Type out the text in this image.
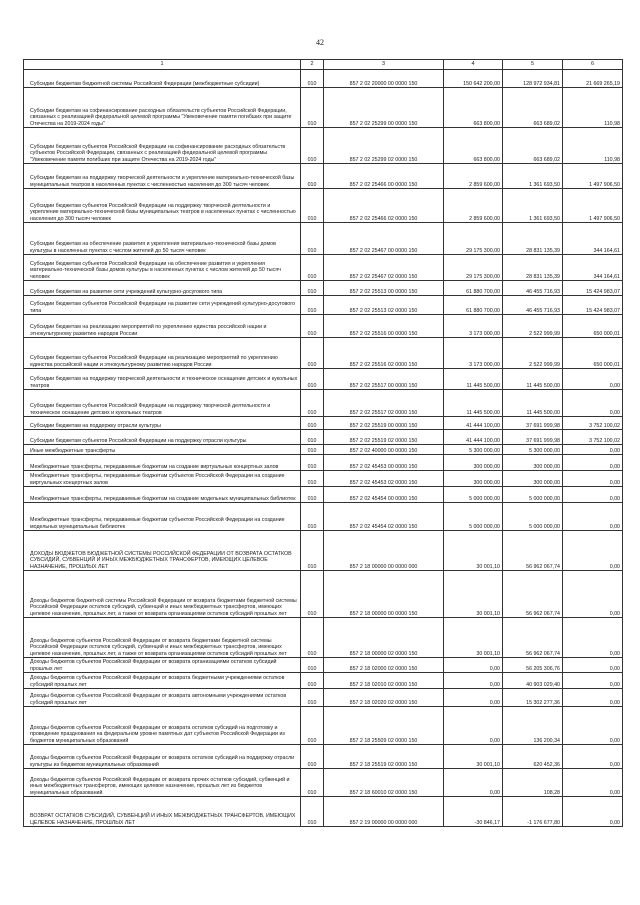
42
1	2	3	4	5	6
Субсидии бюджетам бюджетной системы Российской Федерации (межбюджетные субсидии)	010	857 2 02 20000 00 0000 150	150 642 200,00	128 972 934,81	21 669 265,19
Субсидии бюджетам на софинансирование расходных обязательств субъектов Российской Федерации, связанных с реализацией федеральной целевой программы "Увековечение памяти погибших при защите Отечества на 2019-2024 годы"	010	857 2 02 25299 00 0000 150	663 800,00	663 689,02	110,98
Субсидии бюджетам субъектов Российской Федерации на софинансирование расходных обязательств субъектов Российской Федерации, связанных с реализацией федеральной целевой программы "Увековечение памяти погибших при защите Отечества на 2019-2024 годы"	010	857 2 02 25299 02 0000 150	663 800,00	663 689,02	110,98
Субсидии бюджетам на поддержку творческой деятельности и укрепление материально-технической базы муниципальных театров в населенных пунктах с численностью населения до 300 тысяч человек	010	857 2 02 25466 00 0000 150	2 859 600,00	1 361 693,50	1 497 906,50
Субсидии бюджетам субъектов Российской Федерации на поддержку творческой деятельности и укрепление материально-технической базы муниципальных театров в населенных пунктах с численностью населения до 300 тысяч человек	010	857 2 02 25466 02 0000 150	2 859 600,00	1 361 693,50	1 497 906,50
Субсидии бюджетам на обеспечение развития и укрепления материально-технической базы домов культуры в населенных пунктах с числом жителей до 50 тысяч человек	010	857 2 02 25467 00 0000 150	29 175 300,00	28 831 135,39	344 164,61
Субсидии бюджетам субъектов Российской Федерации на обеспечение развития и укрепления материально-технической базы домов культуры в населенных пунктах с числом жителей до 50 тысяч человек	010	857 2 02 25467 02 0000 150	29 175 300,00	28 831 135,39	344 164,61
Субсидии бюджетам на развитие сети учреждений культурно-досугового типа	010	857 2 02 25513 00 0000 150	61 880 700,00	46 455 716,93	15 424 983,07
Субсидии бюджетам субъектов Российской Федерации на развитие сети учреждений культурно-досугового типа	010	857 2 02 25513 02 0000 150	61 880 700,00	46 455 716,93	15 424 983,07
Субсидии бюджетам на реализацию мероприятий по укреплению единства российской нации и этнокультурному развитию народов России	010	857 2 02 25516 00 0000 150	3 173 000,00	2 522 999,99	650 000,01
Субсидии бюджетам субъектов Российской Федерации на реализацию мероприятий по укреплению единства российской нации и этнокультурному развитию народов России	010	857 2 02 25516 02 0000 150	3 173 000,00	2 522 999,99	650 000,01
Субсидии бюджетам на поддержку творческой деятельности и техническое оснащение детских и кукольных театров	010	857 2 02 25517 00 0000 150	11 445 500,00	11 445 500,00	0,00
Субсидии бюджетам субъектов Российской Федерации на поддержку творческой деятельности и техническое оснащение детских и кукольных театров	010	857 2 02 25517 02 0000 150	11 445 500,00	11 445 500,00	0,00
Субсидии бюджетам на поддержку отрасли культуры	010	857 2 02 25519 00 0000 150	41 444 100,00	37 691 999,98	3 752 100,02
Субсидии бюджетам субъектов Российской Федерации на поддержку отрасли культуры	010	857 2 02 25519 02 0000 150	41 444 100,00	37 691 999,98	3 752 100,02
Иные межбюджетные трансферты	010	857 2 02 40000 00 0000 150	5 300 000,00	5 300 000,00	0,00
Межбюджетные трансферты, передаваемые бюджетам на создание виртуальных концертных залов	010	857 2 02 45453 00 0000 150	300 000,00	300 000,00	0,00
Межбюджетные трансферты, передаваемые бюджетам субъектов Российской Федерации на создание виртуальных концертных залов	010	857 2 02 45453 02 0000 150	300 000,00	300 000,00	0,00
Межбюджетные трансферты, передаваемые бюджетам на создание модельных муниципальных библиотек	010	857 2 02 45454 00 0000 150	5 000 000,00	5 000 000,00	0,00
Межбюджетные трансферты, передаваемые бюджетам субъектов Российской Федерации на создание модельных муниципальных библиотек	010	857 2 02 45454 02 0000 150	5 000 000,00	5 000 000,00	0,00
ДОХОДЫ БЮДЖЕТОВ БЮДЖЕТНОЙ СИСТЕМЫ РОССИЙСКОЙ ФЕДЕРАЦИИ ОТ ВОЗВРАТА ОСТАТКОВ СУБСИДИЙ, СУБВЕНЦИЙ И ИНЫХ МЕЖБЮДЖЕТНЫХ ТРАНСФЕРТОВ, ИМЕЮЩИХ ЦЕЛЕВОЕ НАЗНАЧЕНИЕ, ПРОШЛЫХ ЛЕТ	010	857 2 18 00000 00 0000 000	30 001,10	56 962 067,74	0,00
Доходы бюджетов бюджетной системы Российской Федерации от возврата бюджетами бюджетной системы Российской Федерации остатков субсидий, субвенций и иных межбюджетных трансфертов, имеющих целевое назначение, прошлых лет, а также от возврата организациями остатков субсидий прошлых лет	010	857 2 18 00000 00 0000 150	30 001,10	56 962 067,74	0,00
Доходы бюджетов субъектов Российской Федерации от возврата бюджетами бюджетной системы Российской Федерации остатков субсидий, субвенций и иных межбюджетных трансфертов, имеющих целевое назначение, прошлых лет, а также от возврата организациями остатков субсидий прошлых лет	010	857 2 18 00000 02 0000 150	30 001,10	56 962 067,74	0,00
Доходы бюджетов субъектов Российской Федерации от возврата организациями остатков субсидий прошлых лет	010	857 2 18 02000 02 0000 150	0,00	56 205 306,76	0,00
Доходы бюджетов субъектов Российской Федерации от возврата бюджетными учреждениями остатков субсидий прошлых лет	010	857 2 18 02010 02 0000 150	0,00	40 903 029,40	0,00
Доходы бюджетов субъектов Российской Федерации от возврата автономными учреждениями остатков субсидий прошлых лет	010	857 2 18 02020 02 0000 150	0,00	15 302 277,36	0,00
Доходы бюджетов субъектов Российской Федерации от возврата остатков субсидий на подготовку и проведение празднования на федеральном уровне памятных дат субъектов Российской Федерации из бюджетов муниципальных образований	010	857 2 18 25509 02 0000 150	0,00	136 200,34	0,00
Доходы бюджетов субъектов Российской Федерации от возврата остатков субсидий на поддержку отрасли культуры из бюджетов муниципальных образований	010	857 2 18 25519 02 0000 150	30 001,10	620 452,36	0,00
Доходы бюджетов субъектов Российской Федерации от возврата прочих остатков субсидий, субвенций и иных межбюджетных трансфертов, имеющих целевое назначение, прошлых лет из бюджетов муниципальных образований	010	857 2 18 60010 02 0000 150	0,00	108,28	0,00
ВОЗВРАТ ОСТАТКОВ СУБСИДИЙ, СУБВЕНЦИЙ И ИНЫХ МЕЖБЮДЖЕТНЫХ ТРАНСФЕРТОВ, ИМЕЮЩИХ ЦЕЛЕВОЕ НАЗНАЧЕНИЕ, ПРОШЛЫХ ЛЕТ	010	857 2 19 00000 00 0000 000	-30 846,17	-1 176 677,80	0,00
